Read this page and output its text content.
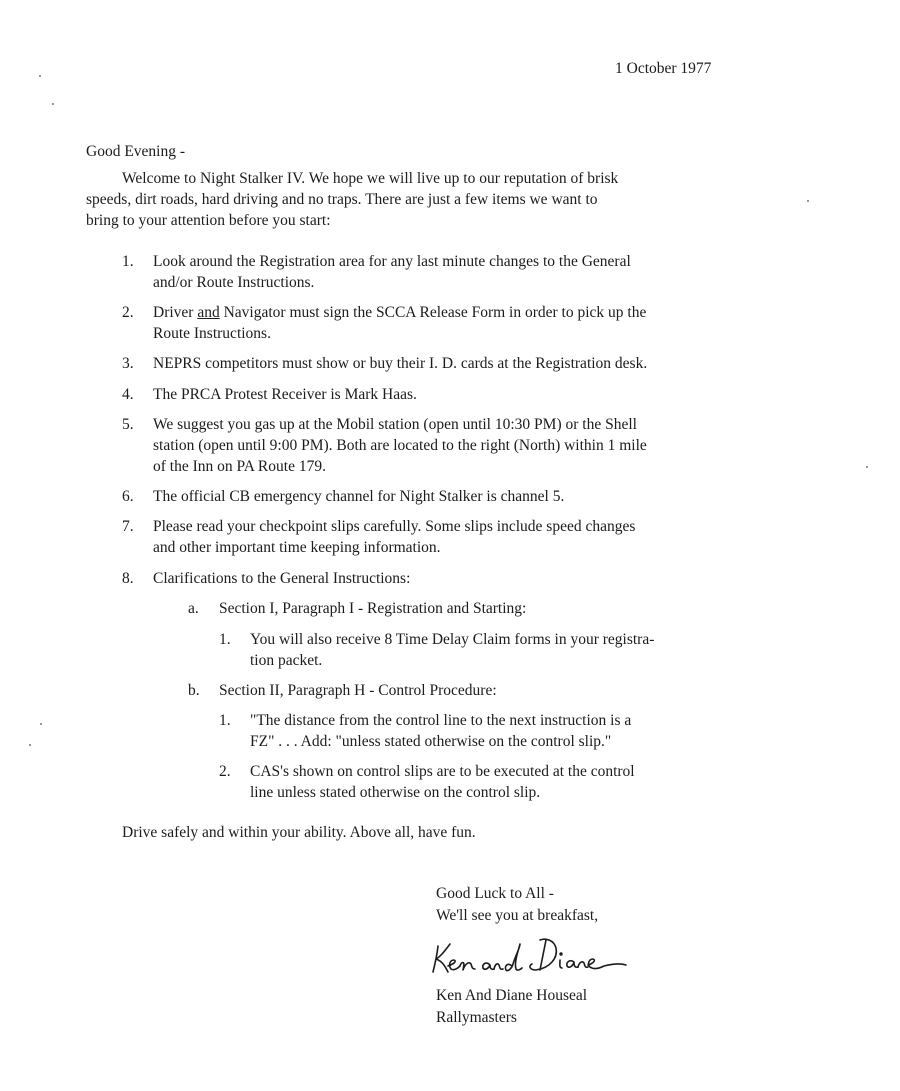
1 October 1977
Good Evening -
Welcome to Night Stalker IV. We hope we will live up to our reputation of brisk
speeds, dirt roads, hard driving and no traps. There are just a few items we want to
bring to your attention before you start:
1. Look around the Registration area for any last minute changes to the General
and/or Route Instructions.
2. Driver and Navigator must sign the SCCA Release Form in order to pick up the
Route Instructions.
3. NEPRS competitors must show or buy their I. D. cards at the Registration desk.
4. The PRCA Protest Receiver is Mark Haas.
5. We suggest you gas up at the Mobil station (open until 10:30 PM) or the Shell
station (open until 9:00 PM). Both are located to the right (North) within 1 mile
of the Inn on PA Route 179.
6. The official CB emergency channel for Night Stalker is channel 5.
7. Please read your checkpoint slips carefully. Some slips include speed changes
and other important time keeping information.
8. Clarifications to the General Instructions:
a. Section I, Paragraph I - Registration and Starting:
1. You will also receive 8 Time Delay Claim forms in your registra-
tion packet.
b. Section II, Paragraph H - Control Procedure:
1. "The distance from the control line to the next instruction is a
FZ" . . . Add: "unless stated otherwise on the control slip."
2. CAS's shown on control slips are to be executed at the control
line unless stated otherwise on the control slip.
Drive safely and within your ability. Above all, have fun.
Good Luck to All -
We'll see you at breakfast,
Ken And Diane Houseal
Rallymasters
